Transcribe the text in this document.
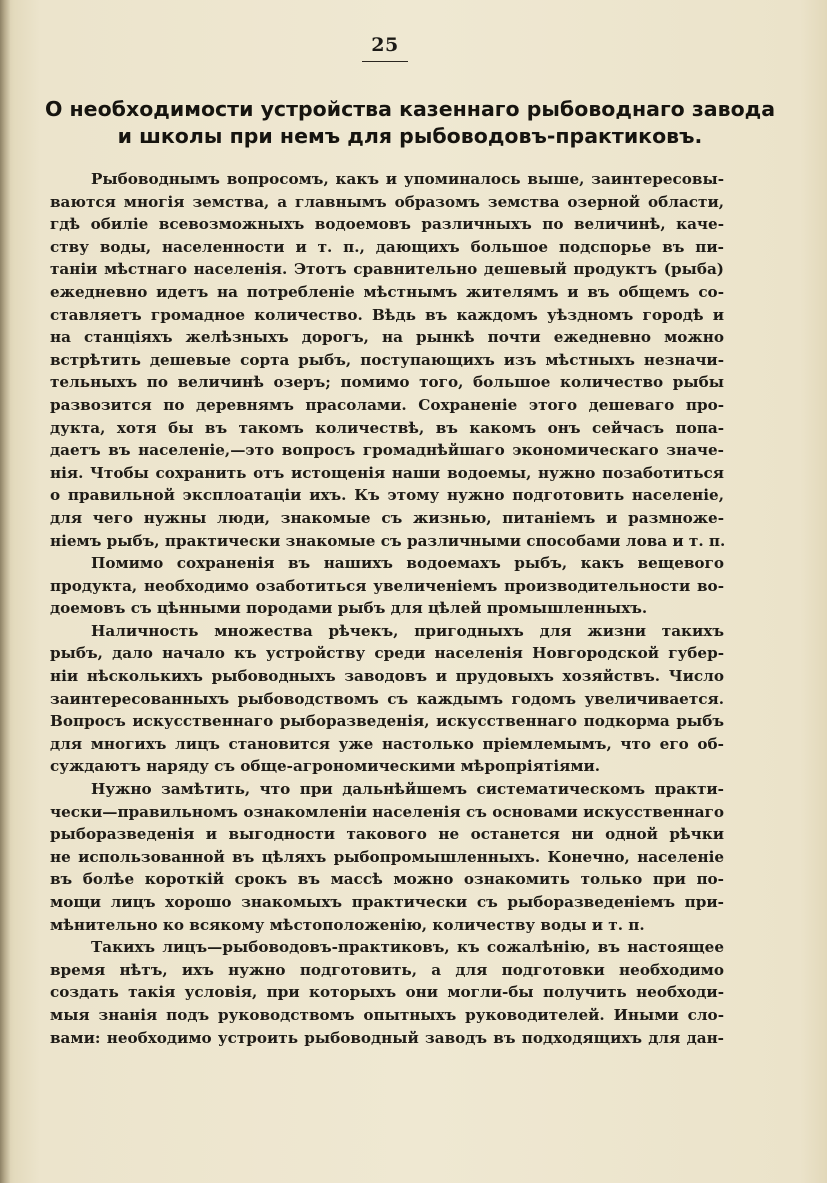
25
О необходимости устройства казеннаго рыбоводнаго завода
и школы при немъ для рыбоводовъ-практиковъ.
Рыбоводнымъ вопросомъ, какъ и упоминалось выше, заинтересовы-
ваются многія земства, а главнымъ образомъ земства озерной области,
гдѣ обиліе всевозможныхъ водоемовъ различныхъ по величинѣ, каче-
ству воды, населенности и т. п., дающихъ большое подспорье въ пи-
таніи мѣстнаго населенія. Этотъ сравнительно дешевый продуктъ (рыба)
ежедневно идетъ на потребленіе мѣстнымъ жителямъ и въ общемъ со-
ставляетъ громадное количество. Вѣдь въ каждомъ уѣздномъ городѣ и
на станціяхъ желѣзныхъ дорогъ, на рынкѣ почти ежедневно можно
встрѣтить дешевые сорта рыбъ, поступающихъ изъ мѣстныхъ незначи-
тельныхъ по величинѣ озеръ; помимо того, большое количество рыбы
развозится по деревнямъ прасолами. Сохраненіе этого дешеваго про-
дукта, хотя бы въ такомъ количествѣ, въ какомъ онъ сейчасъ попа-
даетъ въ населеніе,—это вопросъ громаднѣйшаго экономическаго значе-
нія. Чтобы сохранить отъ истощенія наши водоемы, нужно позаботиться
о правильной эксплоатаціи ихъ. Къ этому нужно подготовить населеніе,
для чего нужны люди, знакомые съ жизнью, питаніемъ и размноже-
ніемъ рыбъ, практически знакомые съ различными способами лова и т. п.
Помимо сохраненія въ нашихъ водоемахъ рыбъ, какъ вещевого
продукта, необходимо озаботиться увеличеніемъ производительности во-
доемовъ съ цѣнными породами рыбъ для цѣлей промышленныхъ.
Наличность множества рѣчекъ, пригодныхъ для жизни такихъ
рыбъ, дало начало къ устройству среди населенія Новгородской губер-
ніи нѣсколькихъ рыбоводныхъ заводовъ и прудовыхъ хозяйствъ. Число
заинтересованныхъ рыбоводствомъ съ каждымъ годомъ увеличивается.
Вопросъ искусственнаго рыборазведенія, искусственнаго подкорма рыбъ
для многихъ лицъ становится уже настолько пріемлемымъ, что его об-
суждаютъ наряду съ обще-агрономическими мѣропріятіями.
Нужно замѣтить, что при дальнѣйшемъ систематическомъ практи-
чески—правильномъ ознакомленіи населенія съ основами искусственнаго
рыборазведенія и выгодности такового не останется ни одной рѣчки
не использованной въ цѣляхъ рыбопромышленныхъ. Конечно, населеніе
въ болѣе короткій срокъ въ массѣ можно ознакомить только при по-
мощи лицъ хорошо знакомыхъ практически съ рыборазведеніемъ при-
мѣнительно ко всякому мѣстоположенію, количеству воды и т. п.
Такихъ лицъ—рыбоводовъ-практиковъ, къ сожалѣнію, въ настоящее
время нѣтъ, ихъ нужно подготовить, а для подготовки необходимо
создать такія условія, при которыхъ они могли-бы получить необходи-
мыя знанія подъ руководствомъ опытныхъ руководителей. Иными сло-
вами: необходимо устроить рыбоводный заводъ въ подходящихъ для дан-
